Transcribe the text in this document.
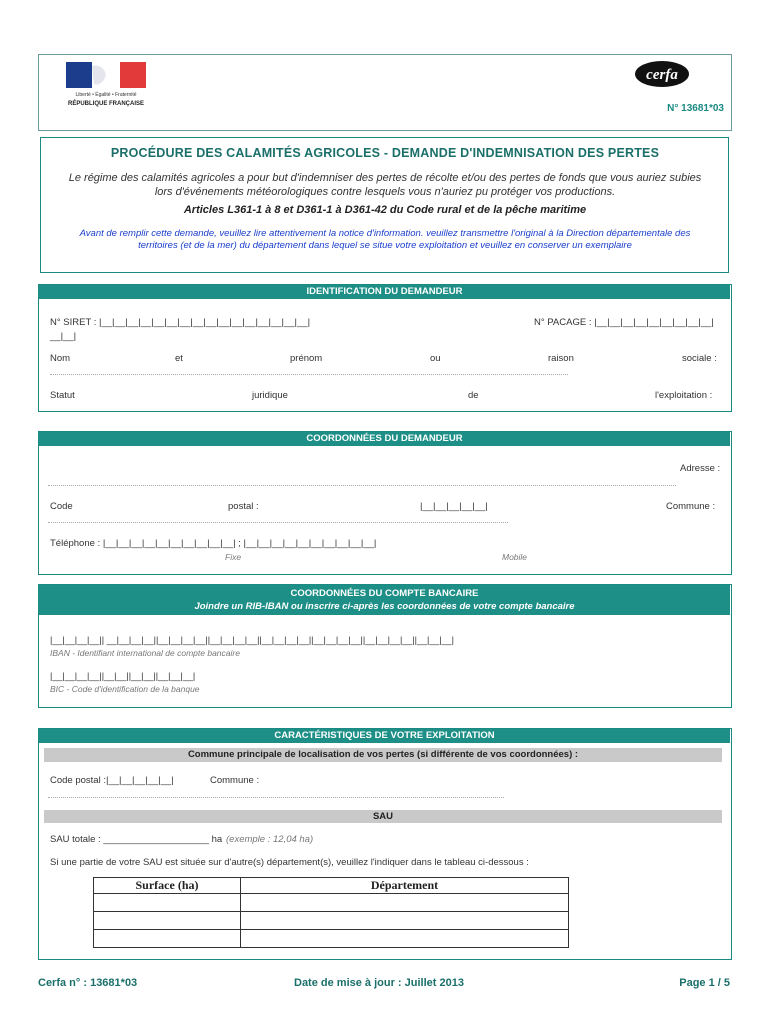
Liberté • Égalité • Fraternité
RÉPUBLIQUE FRANÇAISE
cerfa
N° 13681*03
PROCÉDURE DES CALAMITÉS AGRICOLES - DEMANDE D'INDEMNISATION DES PERTES
Le régime des calamités agricoles a pour but d'indemniser des pertes de récolte et/ou des pertes de fonds que vous auriez subies
lors d'événements météorologiques contre lesquels vous n'auriez pu protéger vos productions.
Articles L361-1 à 8 et D361-1 à D361-42 du Code rural et de la pêche maritime
Avant de remplir cette demande, veuillez lire attentivement la notice d'information. veuillez transmettre l'original à la Direction départementale des
territoires (et de la mer) du département dans lequel se situe votre exploitation et veuillez en conserver un exemplaire
IDENTIFICATION DU DEMANDEUR
N° SIRET : |__|__|__|__|__|__|__|__|__|__|__|__|__|__|__|__|
__|__|
N° PACAGE : |__|__|__|__|__|__|__|__|__|
Nom	et	prénom	ou	raison	sociale :
Statut	juridique	de	l'exploitation :
COORDONNÉES DU DEMANDEUR
Adresse :
Code	postal :	|__|__|__|__|__|	Commune :
Téléphone : |__|__|__|__|__|__|__|__|__|__| ; |__|__|__|__|__|__|__|__|__|__|
Fixe	Mobile
COORDONNÉES DU COMPTE BANCAIRE
Joindre un RIB-IBAN ou inscrire ci-après les coordonnées de votre compte bancaire
|__|__|__|__|| __|__|__|__||__|__|__|__||__|__|__|__||__|__|__|__||__|__|__|__||__|__|__|__||__|__|__|
IBAN - Identifiant international de compte bancaire
|__|__|__|__||__|__||__|__||__|__|__|
BIC - Code d'identification de la banque
CARACTÉRISTIQUES DE VOTRE EXPLOITATION
Commune principale de localisation de vos pertes (si différente de vos coordonnées) :
Code postal :|__|__|__|__|__|	Commune :
SAU
SAU totale : ____________________ ha (exemple : 12,04 ha)
Si une partie de votre SAU est située sur d'autre(s) département(s), veuillez l'indiquer dans le tableau ci-dessous :
Surface (ha)	Département

Cerfa n° : 13681*03	Date de mise à jour : Juillet 2013	Page 1 / 5
